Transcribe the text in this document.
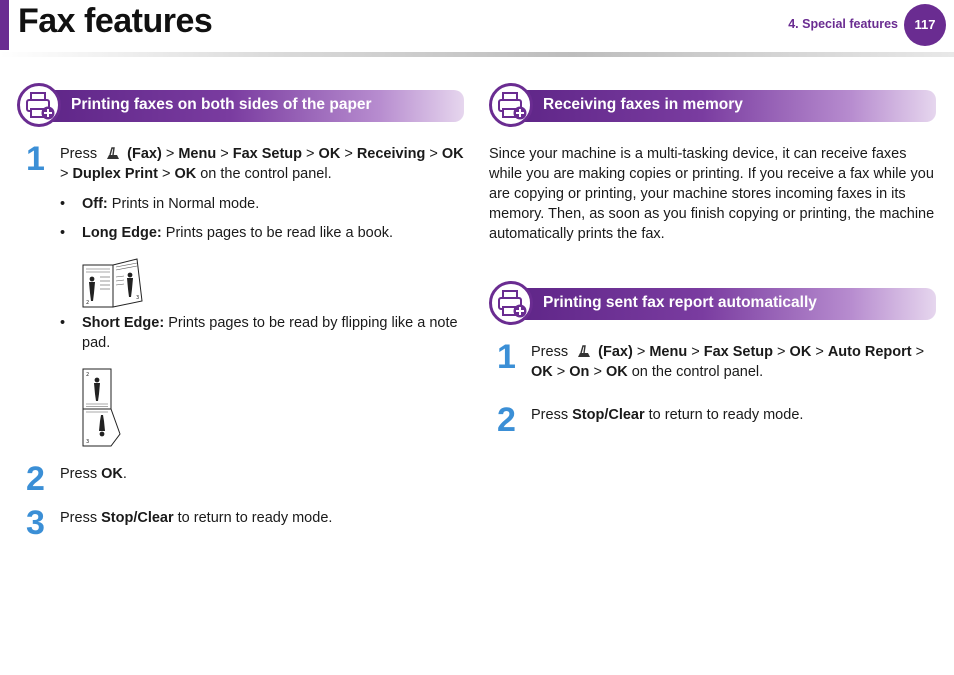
Fax features	4. Special features	117
Printing faxes on both sides of the paper
1 Press (Fax) > Menu > Fax Setup > OK > Receiving > OK > Duplex Print > OK on the control panel.
• Off: Prints in Normal mode.
• Long Edge: Prints pages to be read like a book.
2
3
• Short Edge: Prints pages to be read by flipping like a note pad.
2
3
2 Press OK.
3 Press Stop/Clear to return to ready mode.
Receiving faxes in memory
Since your machine is a multi-tasking device, it can receive faxes while you are making copies or printing. If you receive a fax while you are copying or printing, your machine stores incoming faxes in its memory. Then, as soon as you finish copying or printing, the machine automatically prints the fax.
Printing sent fax report automatically
1 Press (Fax) > Menu > Fax Setup > OK > Auto Report > OK > On > OK on the control panel.
2 Press Stop/Clear to return to ready mode.
